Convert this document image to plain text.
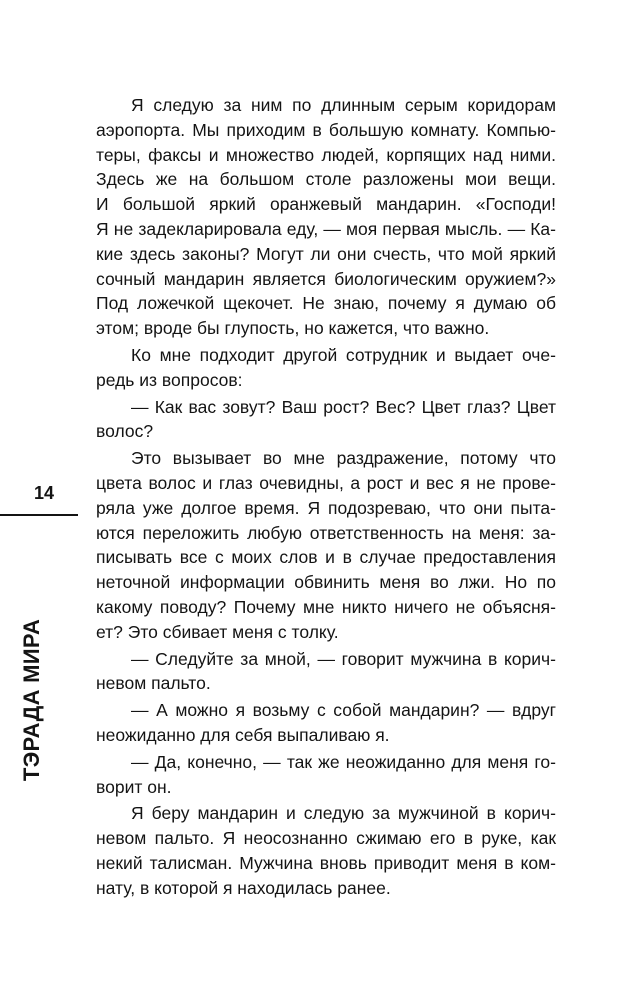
14
ТЭРАДА МИРА

Я следую за ним по длинным серым коридорам
аэропорта. Мы приходим в большую комнату. Компью-
теры, факсы и множество людей, корпящих над ними.
Здесь же на большом столе разложены мои вещи.
И большой яркий оранжевый мандарин. «Господи!
Я не задекларировала еду, — моя первая мысль. — Ка-
кие здесь законы? Могут ли они счесть, что мой яркий
сочный мандарин является биологическим оружием?»
Под ложечкой щекочет. Не знаю, почему я думаю об
этом; вроде бы глупость, но кажется, что важно.

Ко мне подходит другой сотрудник и выдает оче-
редь из вопросов:

— Как вас зовут? Ваш рост? Вес? Цвет глаз? Цвет
волос?

Это вызывает во мне раздражение, потому что
цвета волос и глаз очевидны, а рост и вес я не прове-
ряла уже долгое время. Я подозреваю, что они пыта-
ются переложить любую ответственность на меня: за-
писывать все с моих слов и в случае предоставления
неточной информации обвинить меня во лжи. Но по
какому поводу? Почему мне никто ничего не объясня-
ет? Это сбивает меня с толку.

— Следуйте за мной, — говорит мужчина в корич-
невом пальто.

— А можно я возьму с собой мандарин? — вдруг
неожиданно для себя выпаливаю я.

— Да, конечно, — так же неожиданно для меня го-
ворит он.

Я беру мандарин и следую за мужчиной в корич-
невом пальто. Я неосознанно сжимаю его в руке, как
некий талисман. Мужчина вновь приводит меня в ком-
нату, в которой я находилась ранее.
